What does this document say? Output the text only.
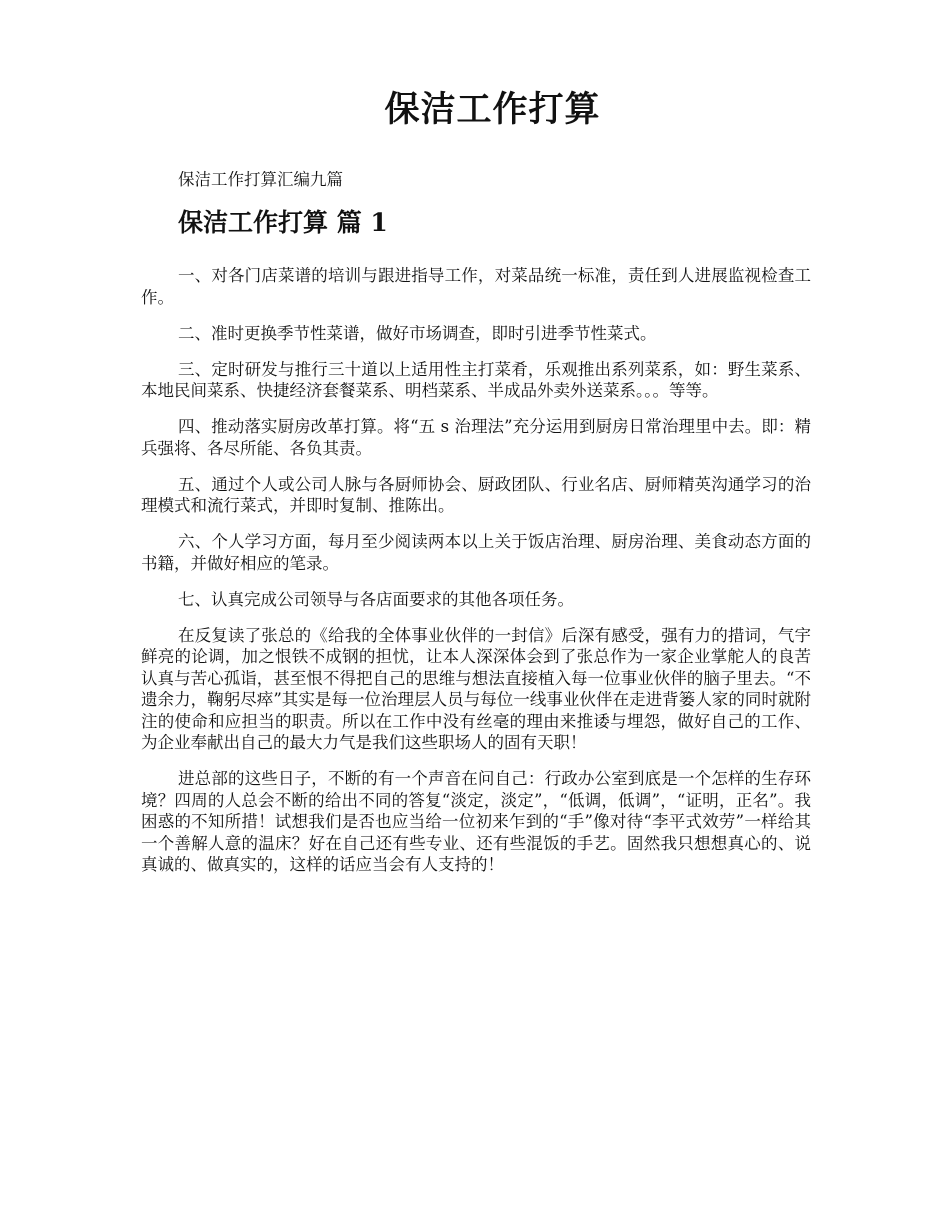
保洁工作打算

保洁工作打算汇编九篇

保洁工作打算 篇 1

一、对各门店菜谱的培训与跟进指导工作，对菜品统一标准，责任到人进展监视检查工作。

二、准时更换季节性菜谱，做好市场调查，即时引进季节性菜式。

三、定时研发与推行三十道以上适用性主打菜肴，乐观推出系列菜系，如：野生菜系、本地民间菜系、快捷经济套餐菜系、明档菜系、半成品外卖外送菜系。。。等等。

四、推动落实厨房改革打算。将“五 s 治理法”充分运用到厨房日常治理里中去。即：精兵强将、各尽所能、各负其责。

五、通过个人或公司人脉与各厨师协会、厨政团队、行业名店、厨师精英沟通学习的治理模式和流行菜式，并即时复制、推陈出。

六、个人学习方面，每月至少阅读两本以上关于饭店治理、厨房治理、美食动态方面的书籍，并做好相应的笔录。

七、认真完成公司领导与各店面要求的其他各项任务。

在反复读了张总的《给我的全体事业伙伴的一封信》后深有感受，强有力的措词，气宇鲜亮的论调，加之恨铁不成钢的担忧，让本人深深体会到了张总作为一家企业掌舵人的良苦认真与苦心孤诣，甚至恨不得把自己的思维与想法直接植入每一位事业伙伴的脑子里去。“不遗余力，鞠躬尽瘁”其实是每一位治理层人员与每位一线事业伙伴在走进背篓人家的同时就附注的使命和应担当的职责。所以在工作中没有丝毫的理由来推诿与埋怨，做好自己的工作、为企业奉献出自己的最大力气是我们这些职场人的固有天职！

进总部的这些日子，不断的有一个声音在问自己：行政办公室到底是一个怎样的生存环境？四周的人总会不断的给出不同的答复“淡定，淡定”，“低调，低调”，“证明，正名”。我困惑的不知所措！试想我们是否也应当给一位初来乍到的“手”像对待“李平式效劳”一样给其一个善解人意的温床？好在自己还有些专业、还有些混饭的手艺。固然我只想想真心的、说真诚的、做真实的，这样的话应当会有人支持的！
